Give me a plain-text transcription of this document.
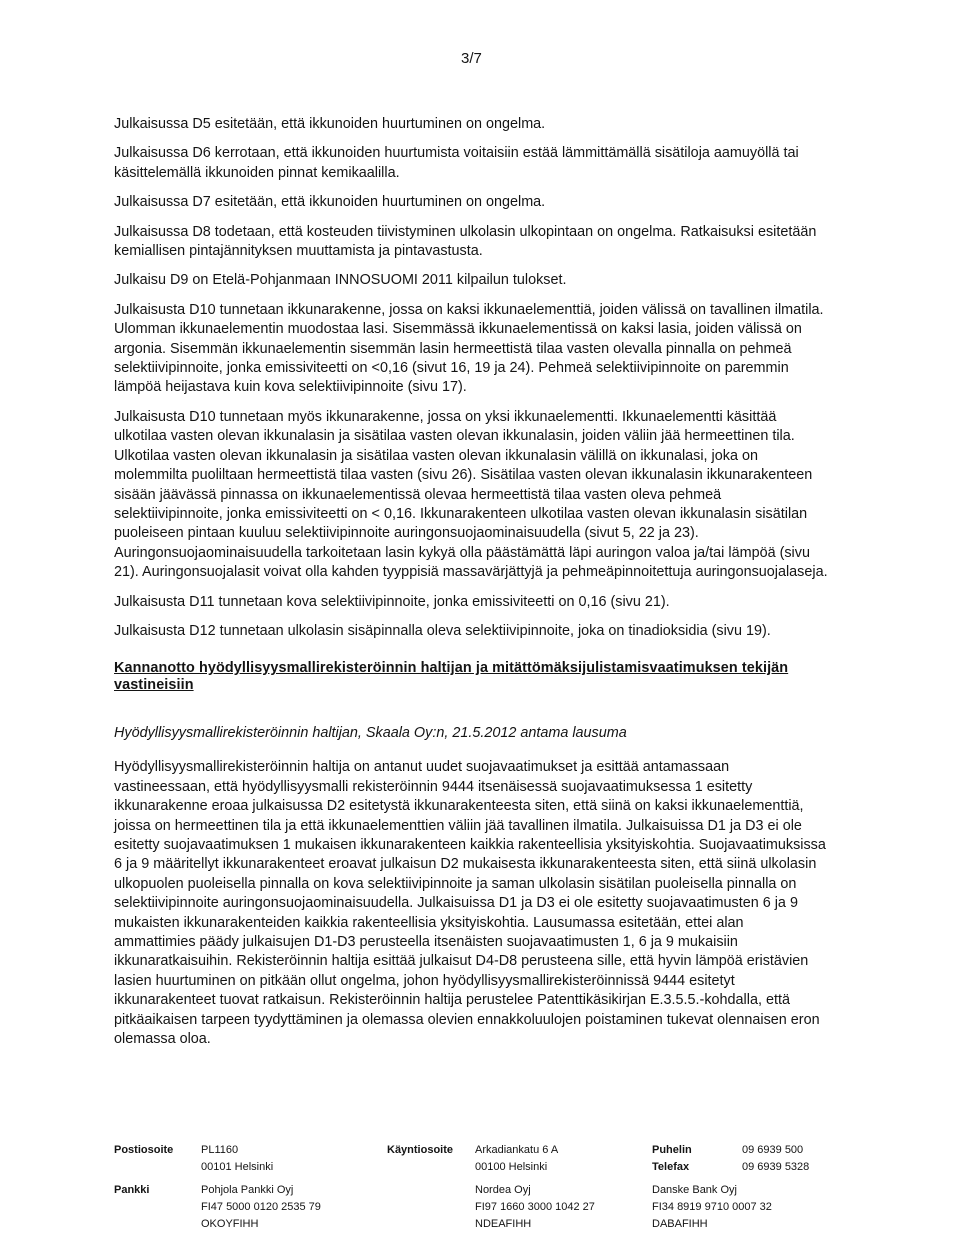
3/7

Julkaisussa D5 esitetään, että ikkunoiden huurtuminen on ongelma.

Julkaisussa D6 kerrotaan, että ikkunoiden huurtumista voitaisiin estää lämmittämällä sisätiloja aamuyöllä tai käsittelemällä ikkunoiden pinnat kemikaalilla.

Julkaisussa D7 esitetään, että ikkunoiden huurtuminen on ongelma.

Julkaisussa D8 todetaan, että kosteuden tiivistyminen ulkolasin ulkopintaan on ongelma. Ratkaisuksi esitetään kemiallisen pintajännityksen muuttamista ja pintavastusta.

Julkaisu D9 on Etelä-Pohjanmaan INNOSUOMI 2011 kilpailun tulokset.

Julkaisusta D10 tunnetaan ikkunarakenne, jossa on kaksi ikkunaelementtiä, joiden välissä on tavallinen ilmatila. Ulomman ikkunaelementin muodostaa lasi. Sisemmässä ikkunaelementissä on kaksi lasia, joiden välissä on argonia. Sisemmän ikkunaelementin sisemmän lasin hermeettistä tilaa vasten olevalla pinnalla on pehmeä selektiivipinnoite, jonka emissiviteetti on <0,16 (sivut 16, 19 ja 24). Pehmeä selektiivipinnoite on paremmin lämpöä heijastava kuin kova selektiivipinnoite (sivu 17).

Julkaisusta D10 tunnetaan myös ikkunarakenne, jossa on yksi ikkunaelementti. Ikkunaelementti käsittää ulkotilaa vasten olevan ikkunalasin ja sisätilaa vasten olevan ikkunalasin, joiden väliin jää hermeettinen tila. Ulkotilaa vasten olevan ikkunalasin ja sisätilaa vasten olevan ikkunalasin välillä on ikkunalasi, joka on molemmilta puoliltaan hermeettistä tilaa vasten (sivu 26). Sisätilaa vasten olevan ikkunalasin ikkunarakenteen sisään jäävässä pinnassa on ikkunaelementissä olevaa hermeettistä tilaa vasten oleva pehmeä selektiivipinnoite, jonka emissiviteetti on < 0,16. Ikkunarakenteen ulkotilaa vasten olevan ikkunalasin sisätilan puoleiseen pintaan kuuluu selektiivipinnoite auringonsuojaominaisuudella (sivut 5, 22 ja 23). Auringonsuojaominaisuudella tarkoitetaan lasin kykyä olla päästämättä läpi auringon valoa ja/tai lämpöä (sivu 21). Auringonsuojalasit voivat olla kahden tyyppisiä massavärjättyjä ja pehmeäpinnoitettuja auringonsuojalaseja.

Julkaisusta D11 tunnetaan kova selektiivipinnoite, jonka emissiviteetti on 0,16 (sivu 21).

Julkaisusta D12 tunnetaan ulkolasin sisäpinnalla oleva selektiivipinnoite, joka on tinadioksidia (sivu 19).

Kannanotto hyödyllisyysmallirekisteröinnin haltijan ja mitättömäksijulistamisvaatimuksen tekijän vastineisiin

Hyödyllisyysmallirekisteröinnin haltijan, Skaala Oy:n, 21.5.2012 antama lausuma

Hyödyllisyysmallirekisteröinnin haltija on antanut uudet suojavaatimukset ja esittää antamassaan vastineessaan, että hyödyllisyysmalli rekisteröinnin 9444 itsenäisessä suojavaatimuksessa 1 esitetty ikkunarakenne eroaa julkaisussa D2 esitetystä ikkunarakenteesta siten, että siinä on kaksi ikkunaelementtiä, joissa on hermeettinen tila ja että ikkunaelementtien väliin jää tavallinen ilmatila. Julkaisuissa D1 ja D3 ei ole esitetty suojavaatimuksen 1 mukaisen ikkunarakenteen kaikkia rakenteellisia yksityiskohtia. Suojavaatimuksissa 6 ja 9 määritellyt ikkunarakenteet eroavat julkaisun D2 mukaisesta ikkunarakenteesta siten, että siinä ulkolasin ulkopuolen puoleisella pinnalla on kova selektiivipinnoite ja saman ulkolasin sisätilan puoleisella pinnalla on selektiivipinnoite auringonsuojaominaisuudella. Julkaisuissa D1 ja D3 ei ole esitetty suojavaatimusten 6 ja 9 mukaisten ikkunarakenteiden kaikkia rakenteellisia yksityiskohtia. Lausumassa esitetään, ettei alan ammattimies päädy julkaisujen D1-D3 perusteella itsenäisten suojavaatimusten 1, 6 ja 9 mukaisiin ikkunaratkaisuihin. Rekisteröinnin haltija esittää julkaisut D4-D8 perusteena sille, että hyvin lämpöä eristävien lasien huurtuminen on pitkään ollut ongelma, johon hyödyllisyysmallirekisteröinnissä 9444 esitetyt ikkunarakenteet tuovat ratkaisun. Rekisteröinnin haltija perustelee Patenttikäsikirjan E.3.5.5.-kohdalla, että pitkäaikaisen tarpeen tyydyttäminen ja olemassa olevien ennakkoluulojen poistaminen tukevat olennaisen eron olemassa oloa.

Postiosoite	PL1160
00101 Helsinki
Käyntiosoite Arkadiankatu 6 A
00100 Helsinki
Puhelin
Telefax
09 6939 500
09 6939 5328
Pankki	Pohjola Pankki Oyj
FI47 5000 0120 2535 79
OKOYFIHH
Nordea Oyj
FI97 1660 3000 1042 27
NDEAFIHH
Danske Bank Oyj
FI34 8919 9710 0007 32
DABAFIHH
